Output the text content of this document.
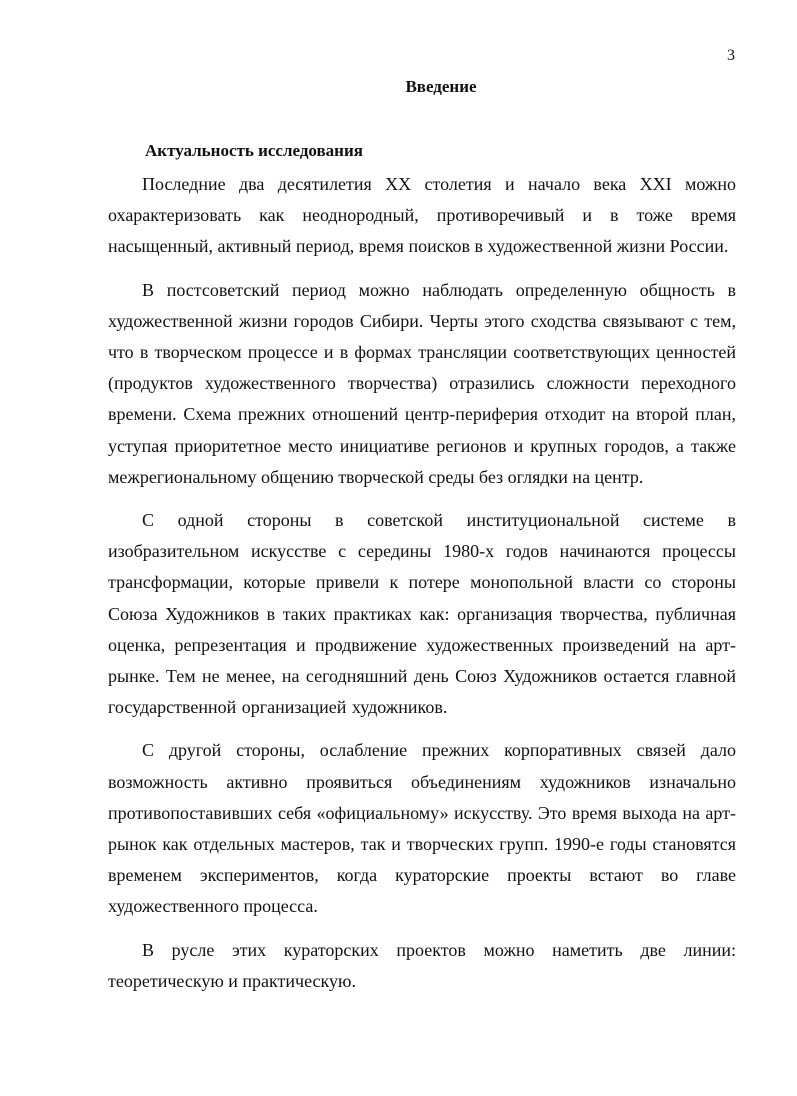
3
Введение
Актуальность исследования

Последние два десятилетия XX столетия и начало века XXI можно охарактеризовать как неоднородный, противоречивый и в тоже время насыщенный, активный период, время поисков в художественной жизни России.

В постсоветский период можно наблюдать определенную общность в художественной жизни городов Сибири. Черты этого сходства связывают с тем, что в творческом процессе и в формах трансляции соответствующих ценностей (продуктов художественного творчества) отразились сложности переходного времени. Схема прежних отношений центр-периферия отходит на второй план, уступая приоритетное место инициативе регионов и крупных городов, а также межрегиональному общению творческой среды без оглядки на центр.

С одной стороны в советской институциональной системе в изобразительном искусстве с середины 1980-х годов начинаются процессы трансформации, которые привели к потере монопольной власти со стороны Союза Художников в таких практиках как: организация творчества, публичная оценка, репрезентация и продвижение художественных произведений на арт-рынке. Тем не менее, на сегодняшний день Союз Художников остается главной государственной организацией художников.

С другой стороны, ослабление прежних корпоративных связей дало возможность активно проявиться объединениям художников изначально противопоставивших себя «официальному» искусству. Это время выхода на арт-рынок как отдельных мастеров, так и творческих групп. 1990-е годы становятся временем экспериментов, когда кураторские проекты встают во главе художественного процесса.

В русле этих кураторских проектов можно наметить две линии: теоретическую и практическую.
